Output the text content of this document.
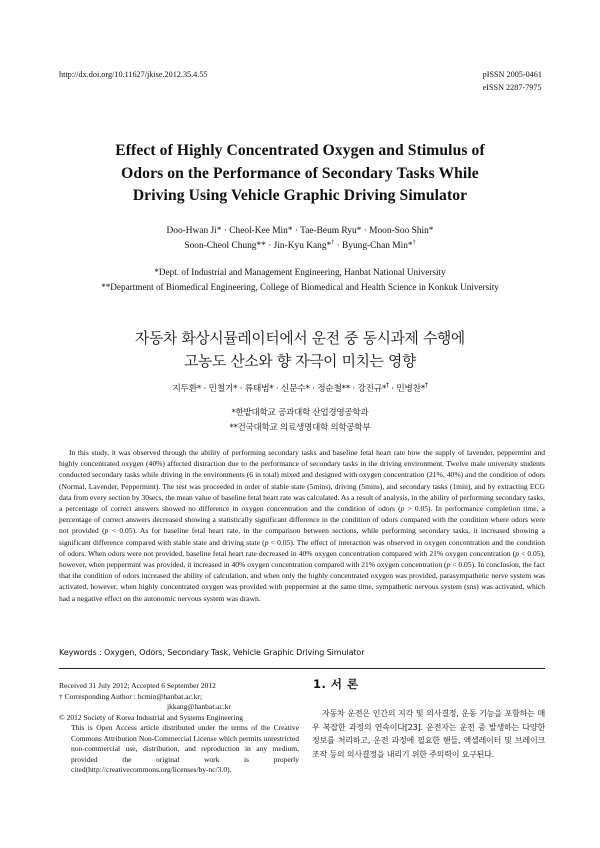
http://dx.doi.org/10.11627/jkise.2012.35.4.55	pISSN 2005-0461
eISSN 2287-7975
Effect of Highly Concentrated Oxygen and Stimulus of
Odors on the Performance of Secondary Tasks While
Driving Using Vehicle Graphic Driving Simulator
Doo-Hwan Ji* · Cheol-Kee Min* · Tae-Beum Ryu* · Moon-Soo Shin*
Soon-Cheol Chung** · Jin-Kyu Kang*† · Byung-Chan Min*†
*Dept. of Industrial and Management Engineering, Hanbat National University
**Department of Biomedical Engineering, College of Biomedical and Health Science in Konkuk University
자동차 화상시뮬레이터에서 운전 중 동시과제 수행에
고농도 산소와 향 자극이 미치는 영향
지두환* · 민철기* · 류태범* · 신문수* · 정순철** · 강진규*† · 민병찬*†
*한밭대학교 공과대학 산업경영공학과
**건국대학교 의료생명대학 의학공학부
In this study, it was observed through the ability of performing secondary tasks and baseline fetal heart rate how the supply of lavender, peppermint and highly concentrated oxygen (40%) affected distraction due to the performance of secondary tasks in the driving environment. Twelve male university students conducted secondary tasks while driving in the environments (6 in total) mixed and designed with oxygen concentration (21%, 40%) and the condition of odors (Normal, Lavender, Peppermint). The test was proceeded in order of stable state (5mins), driving (5mins), and secondary tasks (1min), and by extracting ECG data from every section by 30secs, the mean value of baseline fetal heart rate was calculated. As a result of analysis, in the ability of performing secondary tasks, a percentage of correct answers showed no difference in oxygen concentration and the condition of odors (p > 0.05). In performance completion time, a percentage of correct answers decreased showing a statistically significant difference in the condition of odors compared with the condition where odors were not provided (p < 0.05). As for baseline fetal heart rate, in the comparison between sections, while performing secondary tasks, it increased showing a significant difference compared with stable state and driving state (p < 0.05). The effect of interaction was observed in oxygen concentration and the condition of odors. When odors were not provided, baseline fetal heart rate decreased in 40% oxygen concentration compared with 21% oxygen concentration (p < 0.05), however, when peppermint was provided, it increased in 40% oxygen concentration compared with 21% oxygen concentration (p < 0.05). In conclusion, the fact that the condition of odors increased the ability of calculation, and when only the highly concentrated oxygen was provided, parasympathetic nerve system was activated, however, when highly concentrated oxygen was provided with peppermint at the same time, sympathetic nervous system (sns) was activated, which had a negative effect on the autonomic nervous system was drawn.
Keywords : Oxygen, Odors, Secondary Task, Vehicle Graphic Driving Simulator
Received 31 July 2012; Accepted 6 September 2012
† Corresponding Author : bcmin@hanbat.ac.kr;
jkkang@hanbat.ac.kr
© 2012 Society of Korea Industrial and Systems Engineering
This is Open Access article distributed under the terms of the Creative Commons Attribution Non-Commercial License which permits unrestricted non-commercial use, distribution, and reproduction in any medium, provided the original work is properly cited(http://creativecommons.org/licenses/by-nc/3.0).
1. 서 론
자동차 운전은 인간의 지각 및 의사결정, 운동 기능을 포함하는 매우 복잡한 과정의 연속이다[23]. 운전자는 운전 중 발생하는 다양한 정보를 처리하고, 운전 과정에 필요한 핸들, 액셀레이터 및 브레이크 조작 등의 의사결정을 내리기 위한 주의력이 요구된다.
